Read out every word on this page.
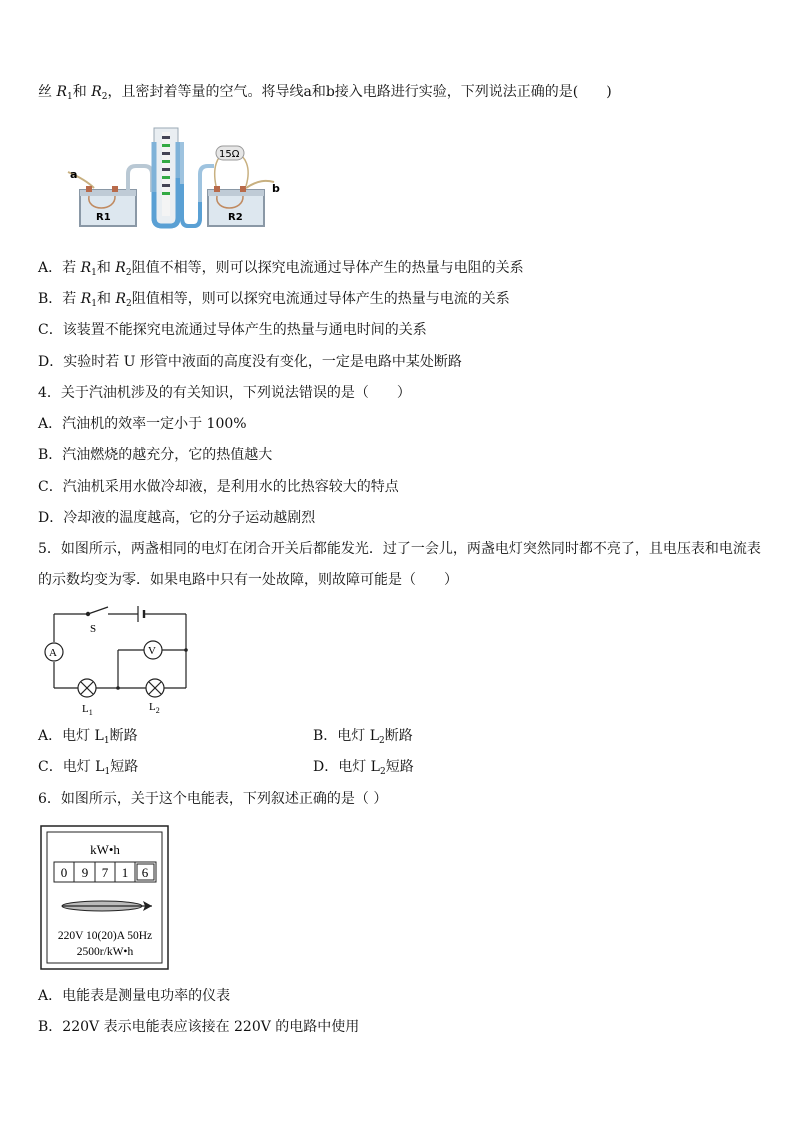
丝 $R_1$和 $R_2$，且密封着等量的空气。将导线a和b接入电路进行实验，下列说法正确的是(　　)
a
R1	R2
15Ω
b
A．若 $R_1$和 $R_2$阻值不相等，则可以探究电流通过导体产生的热量与电阻的关系
B．若 $R_1$和 $R_2$阻值相等，则可以探究电流通过导体产生的热量与电流的关系
C．该装置不能探究电流通过导体产生的热量与通电时间的关系
D．实验时若 U 形管中液面的高度没有变化，一定是电路中某处断路
4．关于汽油机涉及的有关知识，下列说法错误的是（　　）
A．汽油机的效率一定小于 100%
B．汽油燃烧的越充分，它的热值越大
C．汽油机采用水做冷却液，是利用水的比热容较大的特点
D．冷却液的温度越高，它的分子运动越剧烈
5．如图所示，两盏相同的电灯在闭合开关后都能发光．过了一会儿，两盏电灯突然同时都不亮了，且电压表和电流表
的示数均变为零．如果电路中只有一处故障，则故障可能是（　　）
S
A	V
$L_1$	$L_2$
A．电灯 $L_1$断路	B．电灯 $L_2$断路
C．电灯 $L_1$短路	D．电灯 $L_2$短路
6．如图所示，关于这个电能表，下列叙述正确的是（ ）
kW•h
0 9 7 1 6
220V 10(20)A 50Hz
2500r/kW•h
A．电能表是测量电功率的仪表
B．220V 表示电能表应该接在 220V 的电路中使用
